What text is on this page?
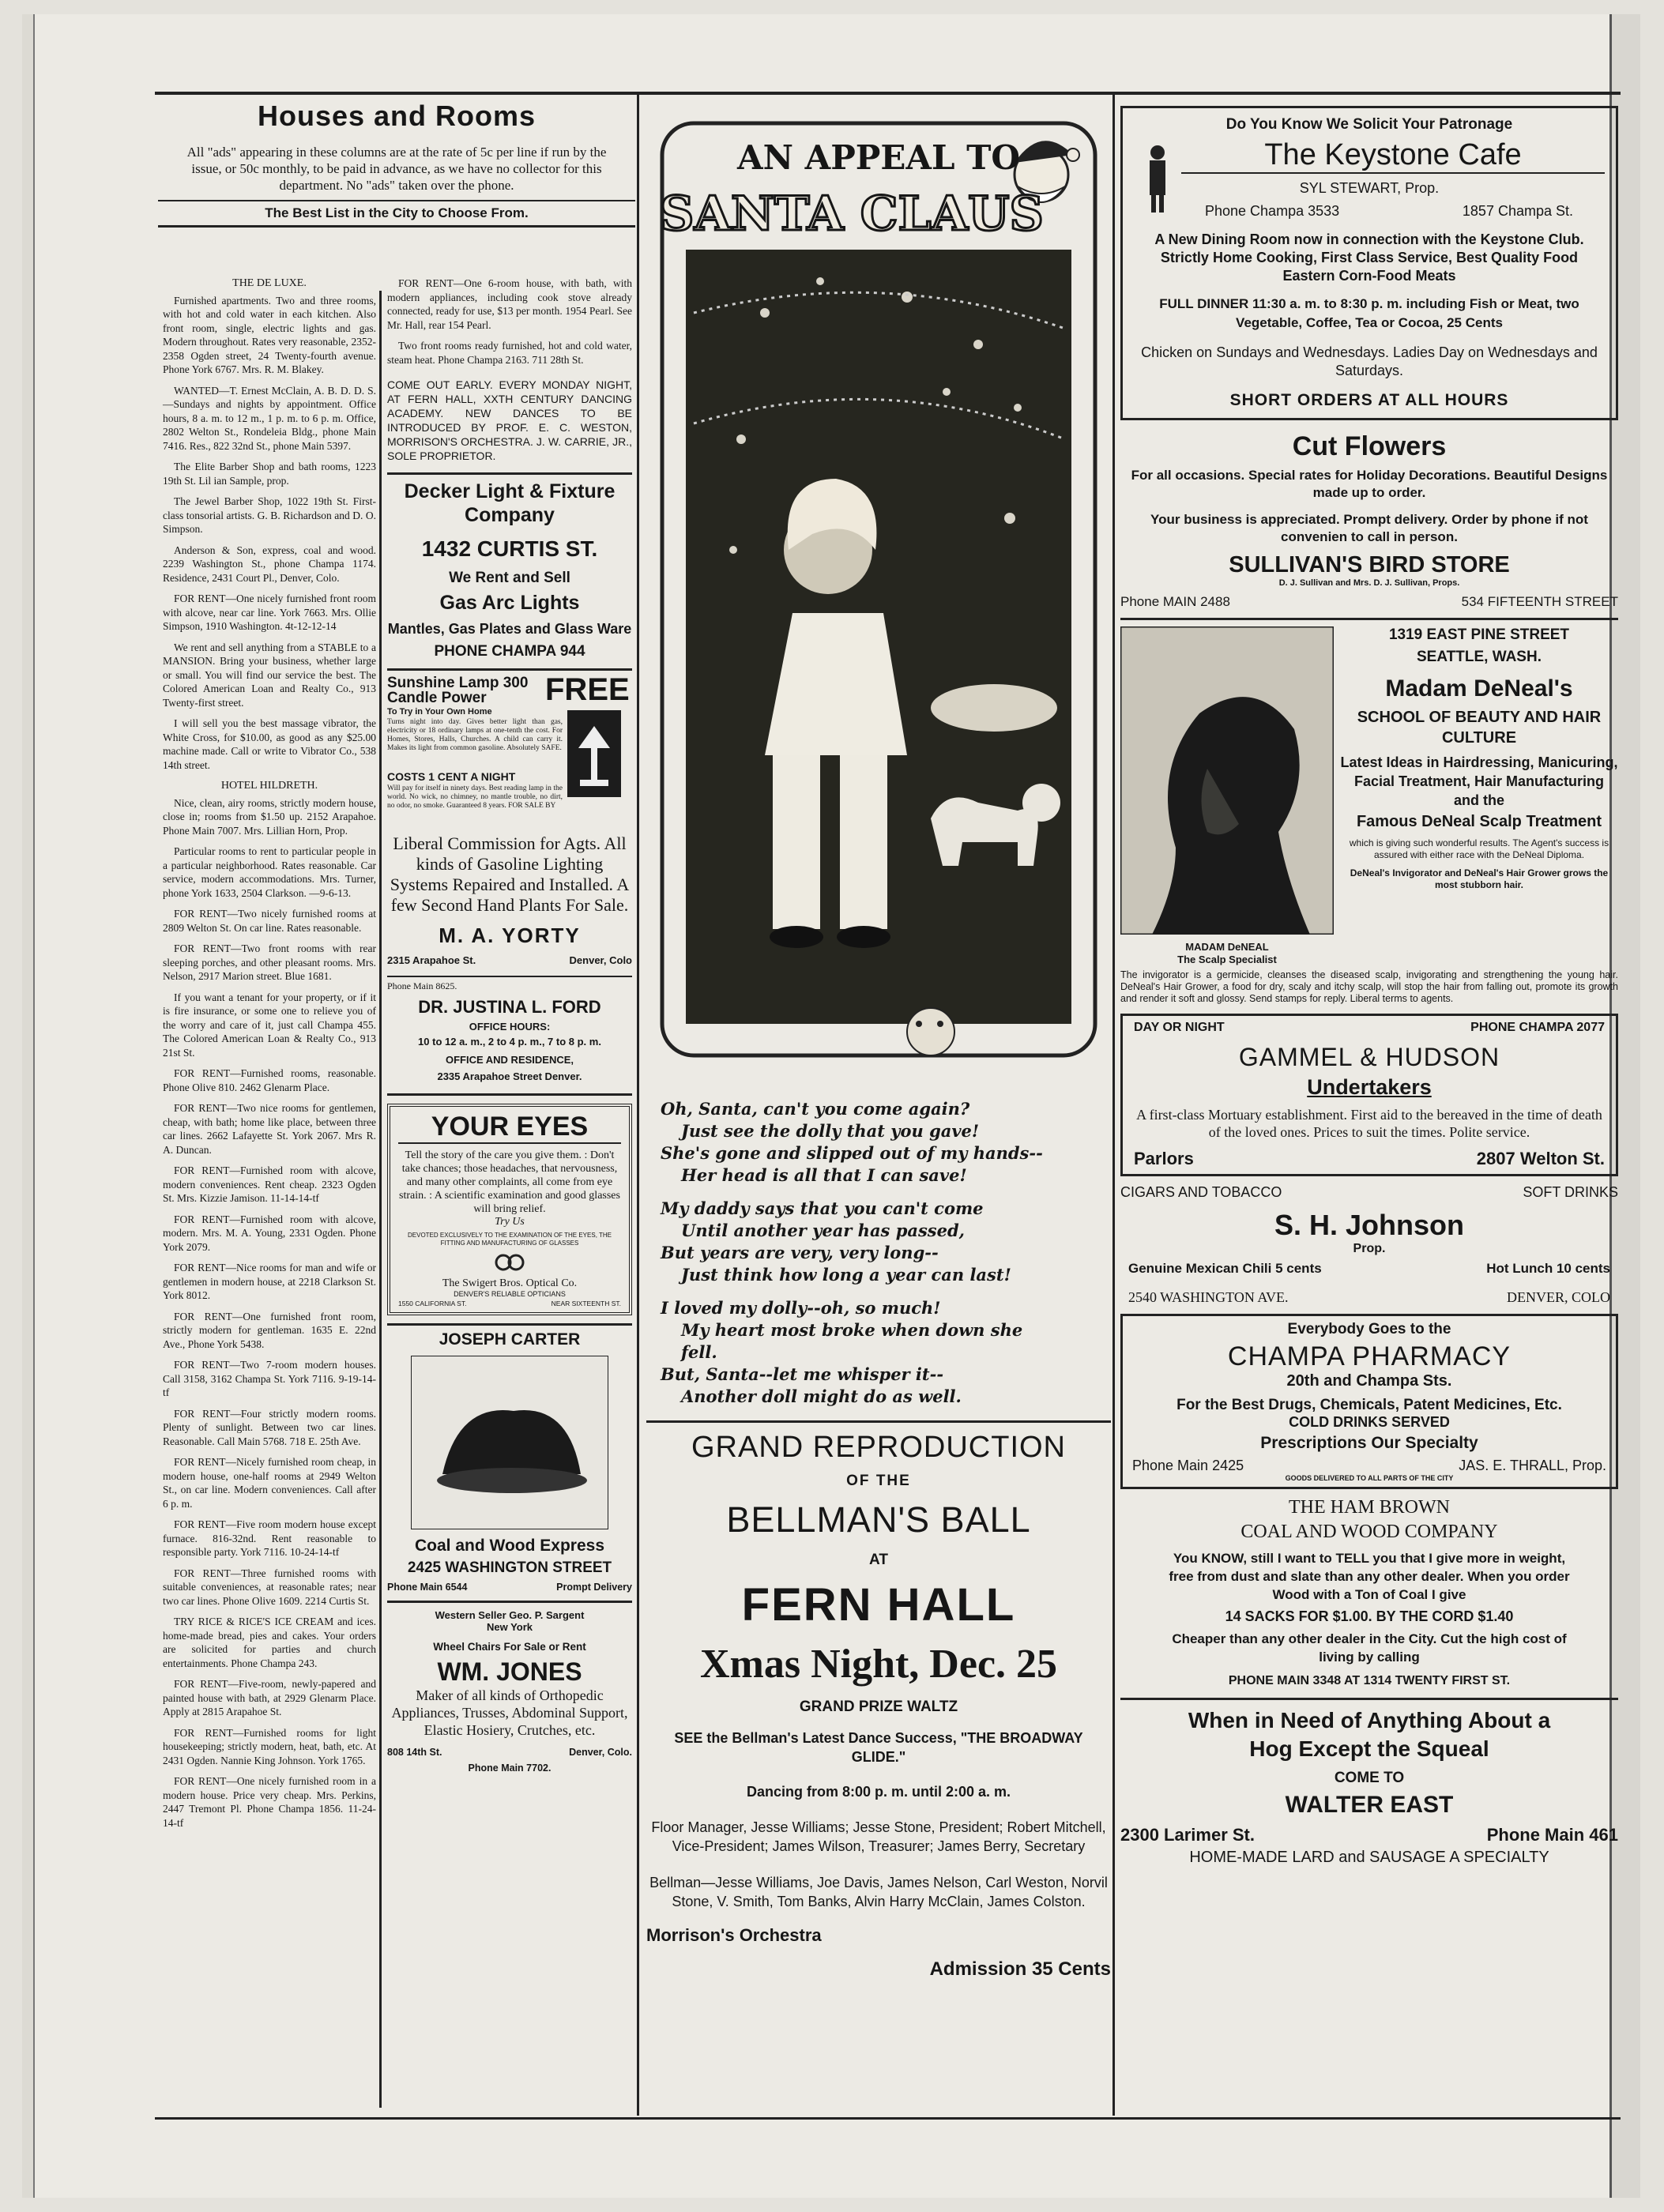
Houses and Rooms
All "ads" appearing in these columns are at the rate of 5c per line if run by the issue, or 50c monthly, to be paid in advance, as we have no collector for this department. No "ads" taken over the phone.
The Best List in the City to Choose From.
THE DE LUXE.
Furnished apartments. Two and three rooms, with hot and cold water in each kitchen. Also front room, single, electric lights and gas. Modern throughout. Rates very reasonable, 2352-2358 Ogden street, 24 Twenty-fourth avenue. Phone York 6767. Mrs. R. M. Blakey.
WANTED—T. Ernest McClain, A. B. D. D. S.—Sundays and nights by appointment. Office hours, 8 a. m. to 12 m., 1 p. m. to 6 p. m. Office, 2802 Welton St., Rondeleia Bldg., phone Main 7416. Res., 822 32nd St., phone Main 5397.
The Elite Barber Shop and bath rooms, 1223 19th St. Lil ian Sample, prop.
The Jewel Barber Shop, 1022 19th St. First-class tonsorial artists. G. B. Richardson and D. O. Simpson.
Anderson & Son, express, coal and wood. 2239 Washington St., phone Champa 1174. Residence, 2431 Court Pl., Denver, Colo.
FOR RENT—One nicely furnished front room with alcove, near car line. York 7663. Mrs. Ollie Simpson, 1910 Washington. 4t-12-12-14
We rent and sell anything from a STABLE to a MANSION. Bring your business, whether large or small. You will find our service the best. The Colored American Loan and Realty Co., 913 Twenty-first street.
I will sell you the best massage vibrator, the White Cross, for $10.00, as good as any $25.00 machine made. Call or write to Vibrator Co., 538 14th street.
HOTEL HILDRETH.
Nice, clean, airy rooms, strictly modern house, close in; rooms from $1.50 up. 2152 Arapahoe. Phone Main 7007. Mrs. Lillian Horn, Prop.
Particular rooms to rent to particular people in a particular neighborhood. Rates reasonable. Car service, modern accommodations. Mrs. Turner, phone York 1633, 2504 Clarkson. —9-6-13.
FOR RENT—Two nicely furnished rooms at 2809 Welton St. On car line. Rates reasonable.
FOR RENT—Two front rooms with rear sleeping porches, and other pleasant rooms. Mrs. Nelson, 2917 Marion street. Blue 1681.
If you want a tenant for your property, or if it is fire insurance, or some one to relieve you of the worry and care of it, just call Champa 455. The Colored American Loan & Realty Co., 913 21st St.
FOR RENT—Furnished rooms, reasonable. Phone Olive 810. 2462 Glenarm Place.
FOR RENT—Two nice rooms for gentlemen, cheap, with bath; home like place, between three car lines. 2662 Lafayette St. York 2067. Mrs R. A. Duncan.
FOR RENT—Furnished room with alcove, modern conveniences. Rent cheap. 2323 Ogden St. Mrs. Kizzie Jamison. 11-14-14-tf
FOR RENT—Furnished room with alcove, modern. Mrs. M. A. Young, 2331 Ogden. Phone York 2079.
FOR RENT—Nice rooms for man and wife or gentlemen in modern house, at 2218 Clarkson St. York 8012.
FOR RENT—One furnished front room, strictly modern for gentleman. 1635 E. 22nd Ave., Phone York 5438.
FOR RENT—Two 7-room modern houses. Call 3158, 3162 Champa St. York 7116. 9-19-14-tf
FOR RENT—Four strictly modern rooms. Plenty of sunlight. Between two car lines. Reasonable. Call Main 5768. 718 E. 25th Ave.
FOR RENT—Nicely furnished room cheap, in modern house, one-half rooms at 2949 Welton St., on car line. Modern conveniences. Call after 6 p. m.
FOR RENT—Five room modern house except furnace. 816-32nd. Rent reasonable to responsible party. York 7116. 10-24-14-tf
FOR RENT—Three furnished rooms with suitable conveniences, at reasonable rates; near two car lines. Phone Olive 1609. 2214 Curtis St.
TRY RICE & RICE'S ICE CREAM and ices. home-made bread, pies and cakes. Your orders are solicited for parties and church entertainments. Phone Champa 243.
FOR RENT—Five-room, newly-papered and painted house with bath, at 2929 Glenarm Place. Apply at 2815 Arapahoe St.
FOR RENT—Furnished rooms for light housekeeping; strictly modern, heat, bath, etc. At 2431 Ogden. Nannie King Johnson. York 1765.
FOR RENT—One nicely furnished room in a modern house. Price very cheap. Mrs. Perkins, 2447 Tremont Pl. Phone Champa 1856. 11-24-14-tf
FOR RENT—One 6-room house, with bath, with modern appliances, including cook stove already connected, ready for use, $13 per month. 1954 Pearl. See Mr. Hall, rear 154 Pearl.
Two front rooms ready furnished, hot and cold water, steam heat. Phone Champa 2163. 711 28th St.
COME OUT EARLY. EVERY MONDAY NIGHT, AT FERN HALL, XXTH CENTURY DANCING ACADEMY. NEW DANCES TO BE INTRODUCED BY PROF. E. C. WESTON, MORRISON'S ORCHESTRA. J. W. CARRIE, JR., SOLE PROPRIETOR.
Decker Light & Fixture Company
1432 CURTIS ST.
We Rent and Sell
Gas Arc Lights
Mantles, Gas Plates and Glass Ware
PHONE CHAMPA 944
Sunshine Lamp 300 Candle Power	FREE
To Try in Your Own Home
Turns night into day. Gives better light than gas, electricity or 18 ordinary lamps at one-tenth the cost. For Homes, Stores, Halls, Churches. A child can carry it. Makes its light from common gasoline. Absolutely SAFE.
COSTS 1 CENT A NIGHT
Will pay for itself in ninety days. Best reading lamp in the world. No wick, no chimney, no mantle trouble, no dirt, no odor, no smoke. Guaranteed 8 years. FOR SALE BY
Liberal Commission for Agts. All kinds of Gasoline Lighting Systems Repaired and Installed. A few Second Hand Plants For Sale.
M. A. YORTY
2315 Arapahoe St.	Denver, Colo
Phone Main 8625.
DR. JUSTINA L. FORD
OFFICE HOURS:
10 to 12 a. m., 2 to 4 p. m., 7 to 8 p. m.
OFFICE AND RESIDENCE,
2335 Arapahoe Street Denver.
YOUR EYES
Tell the story of the care you give them. : Don't take chances; those headaches, that nervousness, and many other complaints, all come from eye strain. : A scientific examination and good glasses will bring relief.
Try Us
DEVOTED EXCLUSIVELY TO THE EXAMINATION OF THE EYES, THE FITTING AND MANUFACTURING OF GLASSES
The Swigert Bros. Optical Co.
DENVER'S RELIABLE OPTICIANS
1550 CALIFORNIA ST.	NEAR SIXTEENTH ST.
JOSEPH CARTER
Coal and Wood Express
2425 WASHINGTON STREET
Phone Main 6544	Prompt Delivery
Western Seller Geo. P. Sargent
New York
Wheel Chairs For Sale or Rent
WM. JONES
Maker of all kinds of Orthopedic Appliances, Trusses, Abdominal Support, Elastic Hosiery, Crutches, etc.
808 14th St.	Denver, Colo.
Phone Main 7702.
AN APPEAL TO
SANTA CLAUS
Oh, Santa, can't you come again?
Just see the dolly that you gave!
She's gone and slipped out of my hands--
Her head is all that I can save!
My daddy says that you can't come
Until another year has passed,
But years are very, very long--
Just think how long a year can last!
I loved my dolly--oh, so much!
My heart most broke when down she
fell.
But, Santa--let me whisper it--
Another doll might do as well.
GRAND REPRODUCTION
OF THE
BELLMAN'S BALL
AT
FERN HALL
Xmas Night, Dec. 25
GRAND PRIZE WALTZ
SEE the Bellman's Latest Dance Success, "THE BROADWAY GLIDE."
Dancing from 8:00 p. m. until 2:00 a. m.
Floor Manager, Jesse Williams; Jesse Stone, President; Robert Mitchell, Vice-President; James Wilson, Treasurer; James Berry, Secretary
Bellman—Jesse Williams, Joe Davis, James Nelson, Carl Weston, Norvil Stone, V. Smith, Tom Banks, Alvin Harry McClain, James Colston.
Morrison's Orchestra
Admission 35 Cents
Do You Know We Solicit Your Patronage
The Keystone Cafe
SYL STEWART, Prop.
Phone Champa 3533	1857 Champa St.
A New Dining Room now in connection with the Keystone Club. Strictly Home Cooking, First Class Service, Best Quality Food Eastern Corn-Food Meats
FULL DINNER 11:30 a. m. to 8:30 p. m. including Fish or Meat, two Vegetable, Coffee, Tea or Cocoa, 25 Cents
Chicken on Sundays and Wednesdays. Ladies Day on Wednesdays and Saturdays.
SHORT ORDERS AT ALL HOURS
Cut Flowers
For all occasions. Special rates for Holiday Decorations. Beautiful Designs made up to order.
Your business is appreciated. Prompt delivery. Order by phone if not convenien to call in person.
SULLIVAN'S BIRD STORE
D. J. Sullivan and Mrs. D. J. Sullivan, Props.
Phone MAIN 2488	534 FIFTEENTH STREET
MADAM DeNEAL
The Scalp Specialist
1319 EAST PINE STREET
SEATTLE, WASH.
Madam DeNeal's
SCHOOL OF BEAUTY AND HAIR CULTURE
Latest Ideas in Hairdressing, Manicuring, Facial Treatment, Hair Manufacturing and the
Famous DeNeal Scalp Treatment
which is giving such wonderful results. The Agent's success is assured with either race with the DeNeal Diploma.
DeNeal's Invigorator and DeNeal's Hair Grower grows the most stubborn hair.
The invigorator is a germicide, cleanses the diseased scalp, invigorating and strengthening the young hair. DeNeal's Hair Grower, a food for dry, scaly and itchy scalp, will stop the hair from falling out, promote its growth and render it soft and glossy. Send stamps for reply. Liberal terms to agents.
DAY OR NIGHT	PHONE CHAMPA 2077
GAMMEL & HUDSON
Undertakers
A first-class Mortuary establishment. First aid to the bereaved in the time of death of the loved ones. Prices to suit the times. Polite service.
Parlors	2807 Welton St.
CIGARS AND TOBACCO	SOFT DRINKS
S. H. Johnson
Prop.
Genuine Mexican Chili 5 cents	Hot Lunch 10 cents
2540 WASHINGTON AVE.	DENVER, COLO
Everybody Goes to the
CHAMPA PHARMACY
20th and Champa Sts.
For the Best Drugs, Chemicals, Patent Medicines, Etc.
COLD DRINKS SERVED
Prescriptions Our Specialty
Phone Main 2425	JAS. E. THRALL, Prop.
GOODS DELIVERED TO ALL PARTS OF THE CITY
THE HAM BROWN
COAL AND WOOD COMPANY
You KNOW, still I want to TELL you that I give more in weight, free from dust and slate than any other dealer. When you order Wood with a Ton of Coal I give
14 SACKS FOR $1.00. BY THE CORD $1.40
Cheaper than any other dealer in the City. Cut the high cost of living by calling
PHONE MAIN 3348 AT 1314 TWENTY FIRST ST.
When in Need of Anything About a
Hog Except the Squeal
COME TO
WALTER EAST
2300 Larimer St.	Phone Main 461
HOME-MADE LARD and SAUSAGE A SPECIALTY
